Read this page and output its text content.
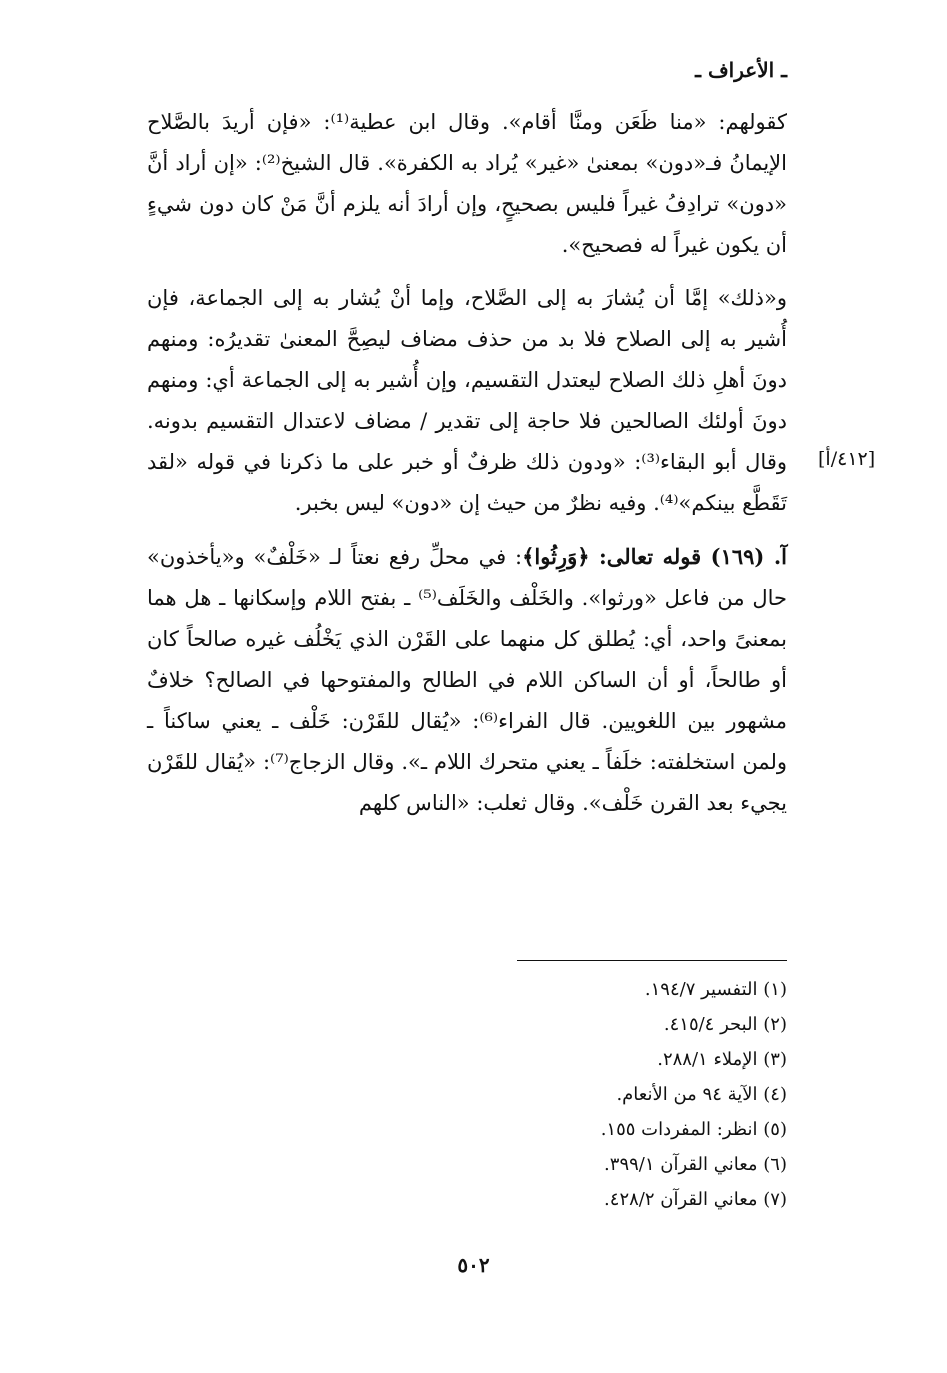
ـ الأعراف ـ

كقولهم: «منا ظَعَن ومنَّا أقام». وقال ابن عطية⁽¹⁾: «فإن أريدَ بالصَّلاح الإيمانُ فـ«دون» بمعنىٰ «غير» يُراد به الكفرة». قال الشيخ⁽²⁾: «إن أراد أنَّ «دون» ترادِفُ غيراً فليس بصحيحٍ، وإن أرادَ أنه يلزم أنَّ مَنْ كان دون شيءٍ أن يكون غيراً له فصحيح».

و«ذلك» إمَّا أن يُشارَ به إلى الصَّلاح، وإما أنْ يُشار به إلى الجماعة، فإن أُشير به إلى الصلاح فلا بد من حذف مضاف ليصِحَّ المعنىٰ تقديرُه: ومنهم دونَ أهلِ ذلك الصلاح ليعتدل التقسيم، وإن أُشير به إلى الجماعة أي: ومنهم دونَ أولئك الصالحين فلا حاجة إلى تقدير / مضاف لاعتدال التقسيم بدونه. وقال أبو البقاء⁽³⁾: «ودون ذلك ظرفٌ أو خبر على ما ذكرنا في قوله «لقد تَقَطَّع بينكم»⁽⁴⁾. وفيه نظرٌ من حيث إن «دون» ليس بخبر.

آ. (١٦٩) قوله تعالى: ﴿وَرِثُوا﴾: في محلِّ رفع نعتاً لـ «خَلْفٌ» و«يأخذون» حال من فاعل «ورثوا». والخَلْف والخَلَف⁽⁵⁾ ـ بفتح اللام وإسكانها ـ هل هما بمعنىً واحد، أي: يُطلق كل منهما على القَرْن الذي يَخْلُف غيره صالحاً كان أو طالحاً، أو أن الساكن اللام في الطالح والمفتوحها في الصالح؟ خلافٌ مشهور بين اللغويين. قال الفراء⁽⁶⁾: «يُقال للقَرْن: خَلْف ـ يعني ساكناً ـ ولمن استخلفته: خلَفاً ـ يعني متحرك اللام ـ». وقال الزجاج⁽⁷⁾: «يُقال للقَرْن يجيء بعد القرن خَلْف». وقال ثعلب: «الناس كلهم

[٤١٢/أ]
(١) التفسير ١٩٤/٧.
(٢) البحر ٤١٥/٤.
(٣) الإملاء ٢٨٨/١.
(٤) الآية ٩٤ من الأنعام.
(٥) انظر: المفردات ١٥٥.
(٦) معاني القرآن ٣٩٩/١.
(٧) معاني القرآن ٤٢٨/٢.
٥٠٢
